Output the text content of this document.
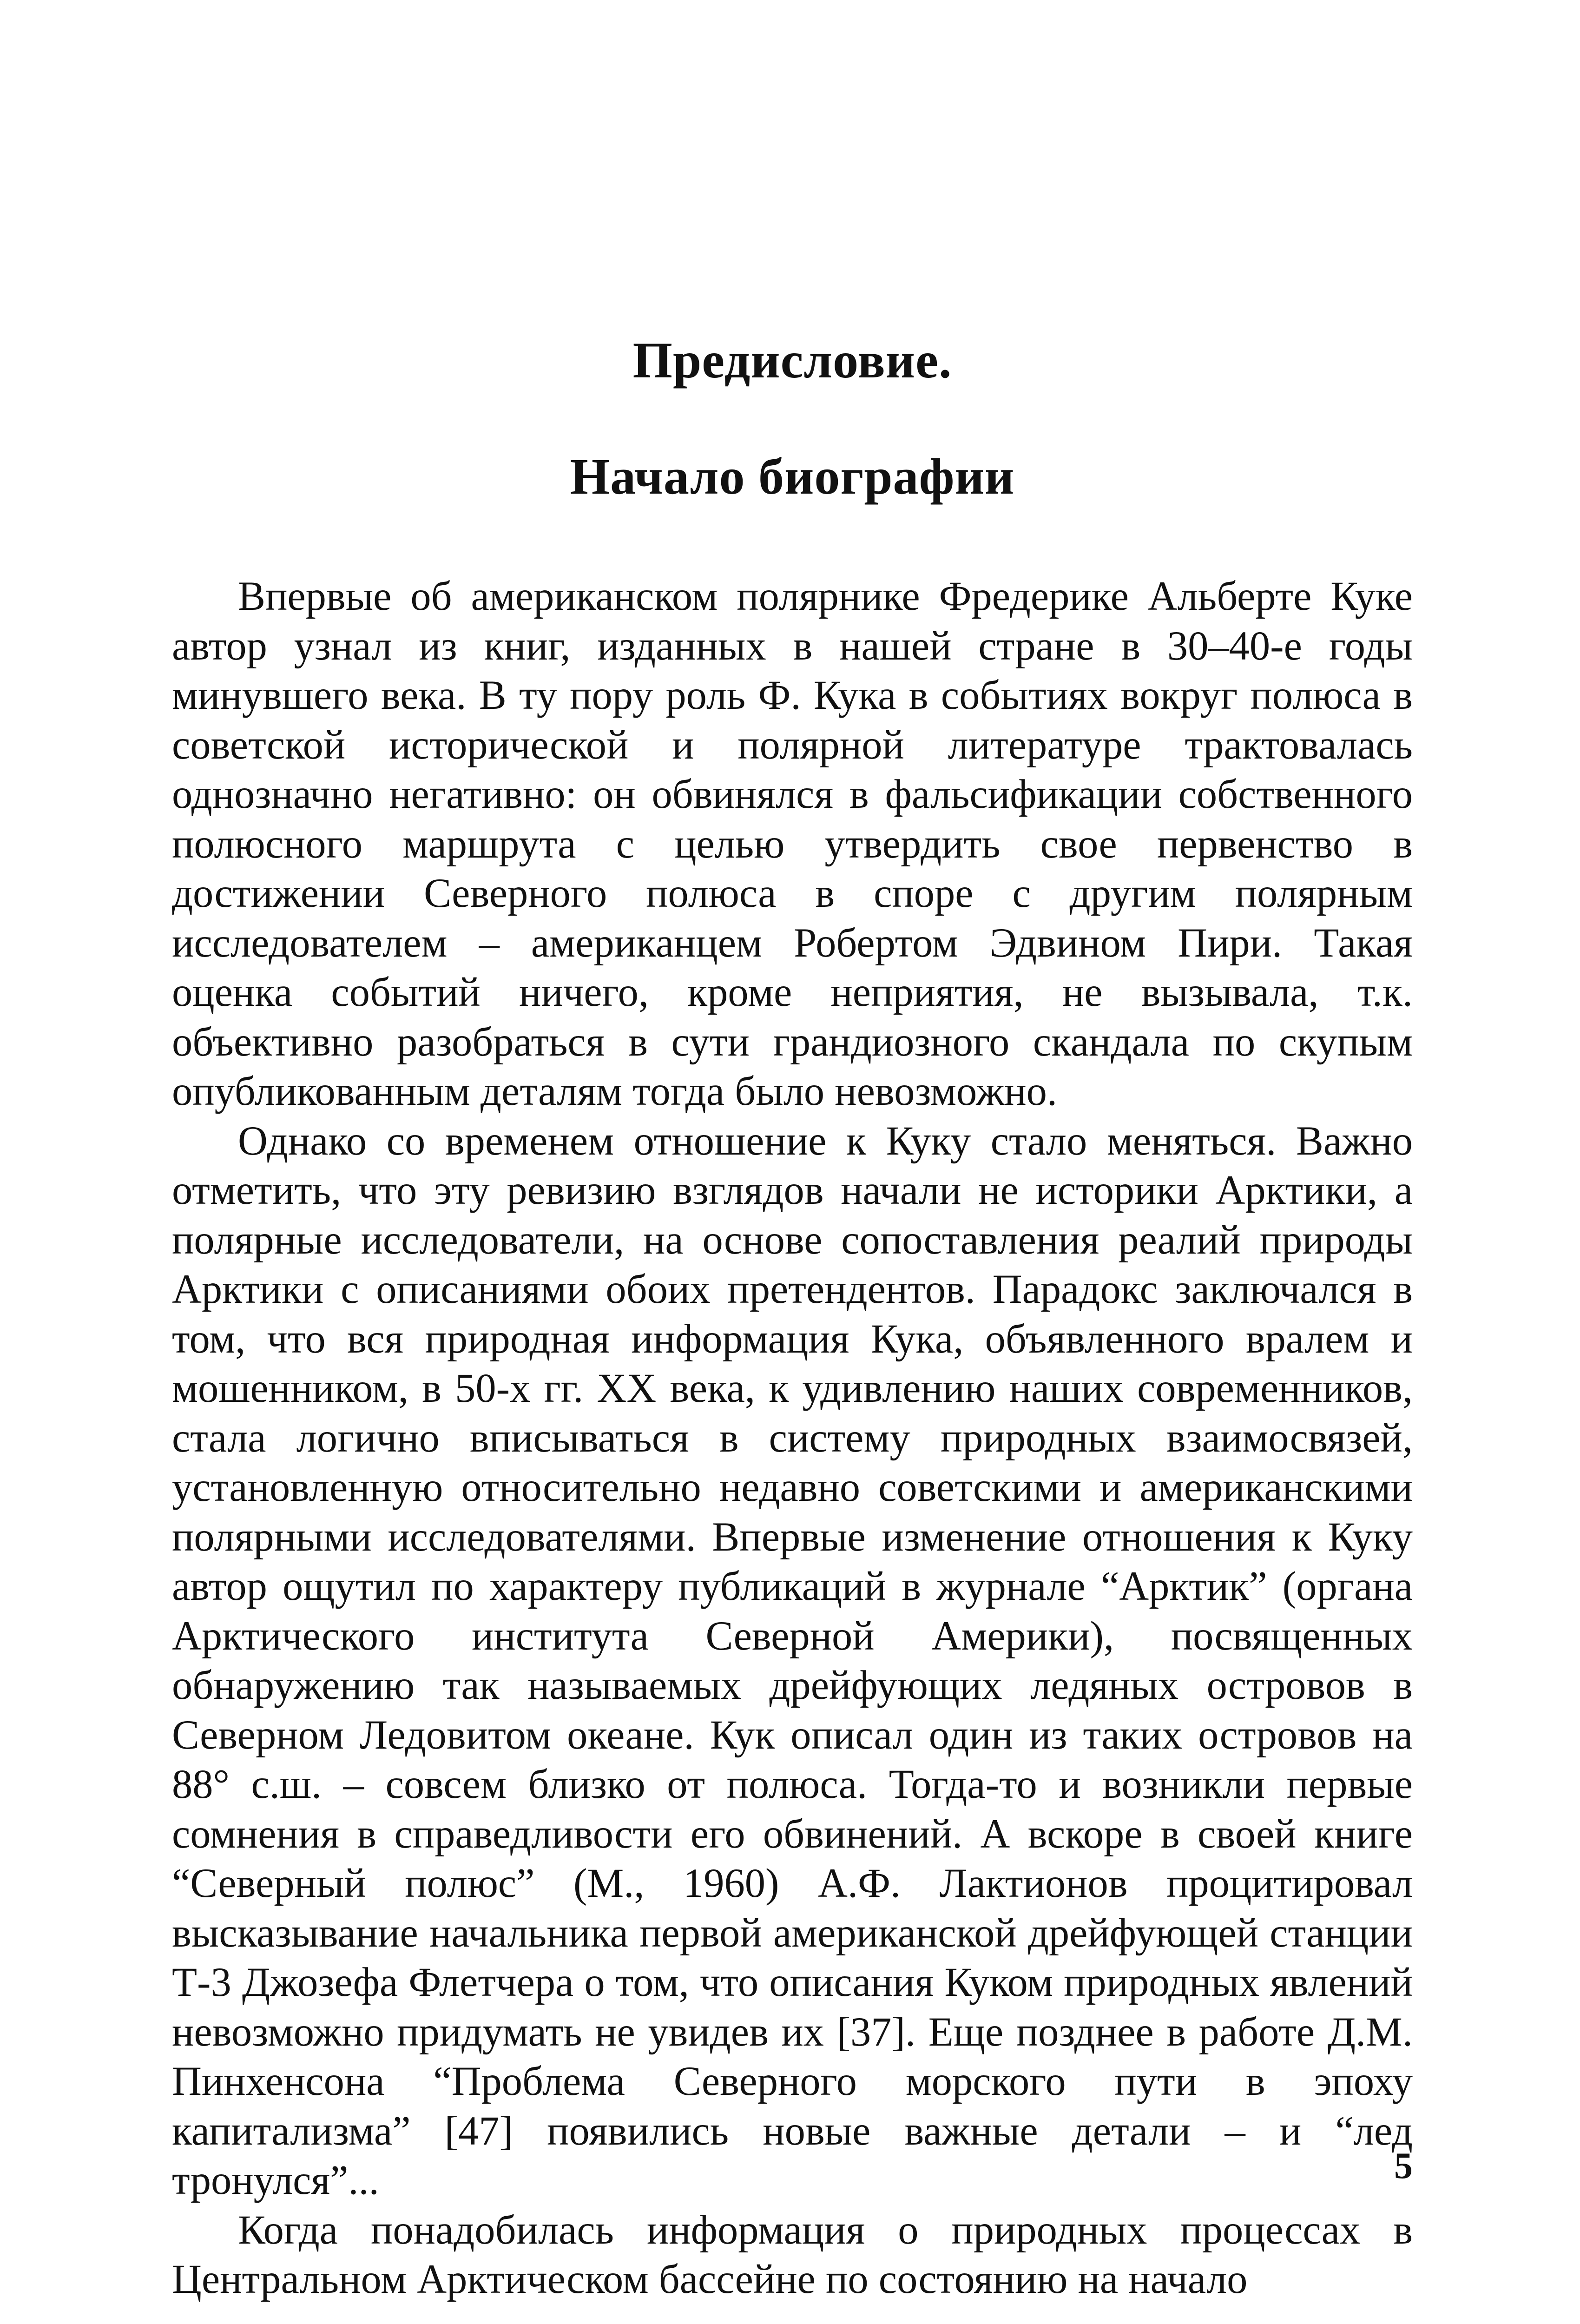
Предисловие.
Начало биографии

Впервые об американском полярнике Фредерике Альберте Куке автор узнал из книг, изданных в нашей стране в 30–40-е годы минувшего века. В ту пору роль Ф. Кука в событиях вокруг полюса в советской исторической и полярной литературе трактовалась однозначно негативно: он обвинялся в фальсификации собственного полюсного маршрута с целью утвердить свое первенство в достижении Северного полюса в споре с другим полярным исследователем – американцем Робертом Эдвином Пири. Такая оценка событий ничего, кроме неприятия, не вызывала, т.к. объективно разобраться в сути грандиозного скандала по скупым опубликованным деталям тогда было невозможно.

Однако со временем отношение к Куку стало меняться. Важно отметить, что эту ревизию взглядов начали не историки Арктики, а полярные исследователи, на основе сопоставления реалий природы Арктики с описаниями обоих претендентов. Парадокс заключался в том, что вся природная информация Кука, объявленного вралем и мошенником, в 50-х гг. XX века, к удивлению наших современников, стала логично вписываться в систему природных взаимосвязей, установленную относительно недавно советскими и американскими полярными исследователями. Впервые изменение отношения к Куку автор ощутил по характеру публикаций в журнале “Арктик” (органа Арктического института Северной Америки), посвященных обнаружению так называемых дрейфующих ледяных островов в Северном Ледовитом океане. Кук описал один из таких островов на 88° с.ш. – совсем близко от полюса. Тогда-то и возникли первые сомнения в справедливости его обвинений. А вскоре в своей книге “Северный полюс” (М., 1960) А.Ф. Лактионов процитировал высказывание начальника первой американской дрейфующей станции Т-3 Джозефа Флетчера о том, что описания Куком природных явлений невозможно придумать не увидев их [37]. Еще позднее в работе Д.М. Пинхенсона “Проблема Северного морского пути в эпоху капитализма” [47] появились новые важные детали – и “лед тронулся”...

Когда понадобилась информация о природных процессах в Центральном Арктическом бассейне по состоянию на начало

5
